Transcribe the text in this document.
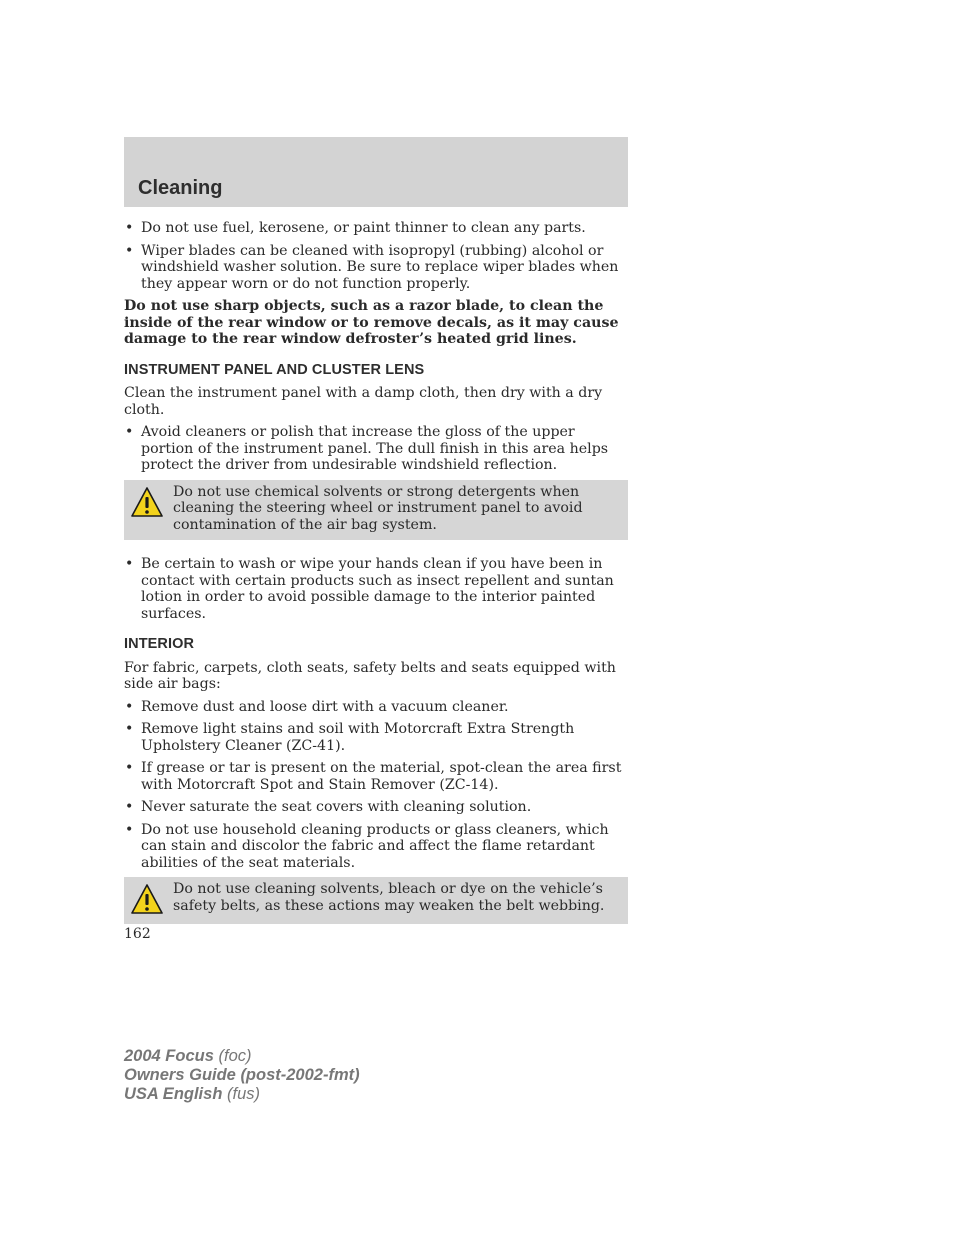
Cleaning
• Do not use fuel, kerosene, or paint thinner to clean any parts.
• Wiper blades can be cleaned with isopropyl (rubbing) alcohol or windshield washer solution. Be sure to replace wiper blades when they appear worn or do not function properly.

Do not use sharp objects, such as a razor blade, to clean the inside of the rear window or to remove decals, as it may cause damage to the rear window defroster’s heated grid lines.

INSTRUMENT PANEL AND CLUSTER LENS

Clean the instrument panel with a damp cloth, then dry with a dry cloth.

• Avoid cleaners or polish that increase the gloss of the upper portion of the instrument panel. The dull finish in this area helps protect the driver from undesirable windshield reflection.
Do not use chemical solvents or strong detergents when cleaning the steering wheel or instrument panel to avoid contamination of the air bag system.
• Be certain to wash or wipe your hands clean if you have been in contact with certain products such as insect repellent and suntan lotion in order to avoid possible damage to the interior painted surfaces.
INTERIOR

For fabric, carpets, cloth seats, safety belts and seats equipped with side air bags:

• Remove dust and loose dirt with a vacuum cleaner.
• Remove light stains and soil with Motorcraft Extra Strength Upholstery Cleaner (ZC-41).
• If grease or tar is present on the material, spot-clean the area first with Motorcraft Spot and Stain Remover (ZC-14).
• Never saturate the seat covers with cleaning solution.
• Do not use household cleaning products or glass cleaners, which can stain and discolor the fabric and affect the flame retardant abilities of the seat materials.
Do not use cleaning solvents, bleach or dye on the vehicle’s safety belts, as these actions may weaken the belt webbing.
162
2004 Focus (foc)
Owners Guide (post-2002-fmt)
USA English (fus)
